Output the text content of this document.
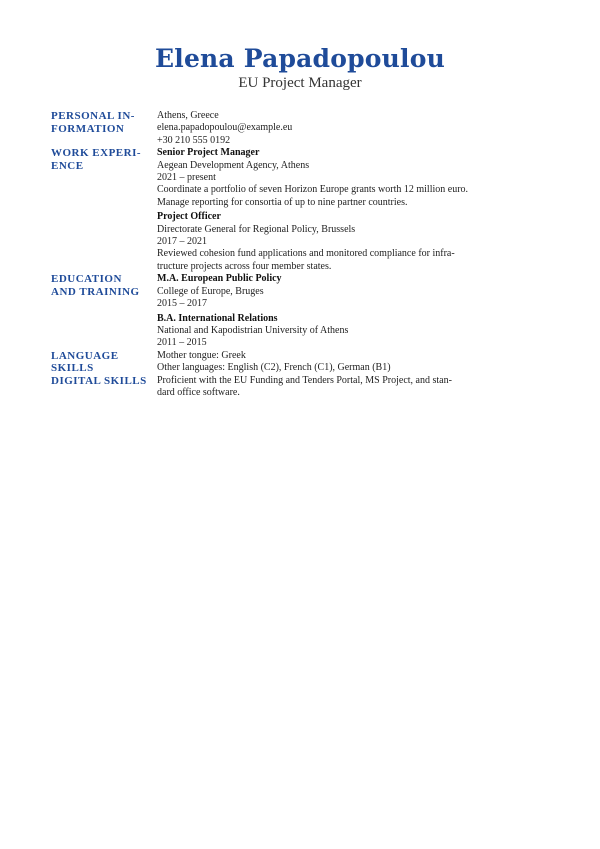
Elena Papadopoulou
EU Project Manager
PERSONAL IN-
FORMATION
Athens, Greece
elena.papadopoulou@example.eu
+30 210 555 0192
WORK EXPERI-
ENCE
Senior Project Manager
Aegean Development Agency, Athens
2021 – present
Coordinate a portfolio of seven Horizon Europe grants worth 12 million euro.
Manage reporting for consortia of up to nine partner countries.
Project Officer
Directorate General for Regional Policy, Brussels
2017 – 2021
Reviewed cohesion fund applications and monitored compliance for infra-
tructure projects across four member states.
EDUCATION
AND TRAINING
M.A. European Public Policy
College of Europe, Bruges
2015 – 2017
B.A. International Relations
National and Kapodistrian University of Athens
2011 – 2015
LANGUAGE
SKILLS
Mother tongue: Greek
Other languages: English (C2), French (C1), German (B1)
DIGITAL SKILLS Proficient with the EU Funding and Tenders Portal, MS Project, and stan-
dard office software.
